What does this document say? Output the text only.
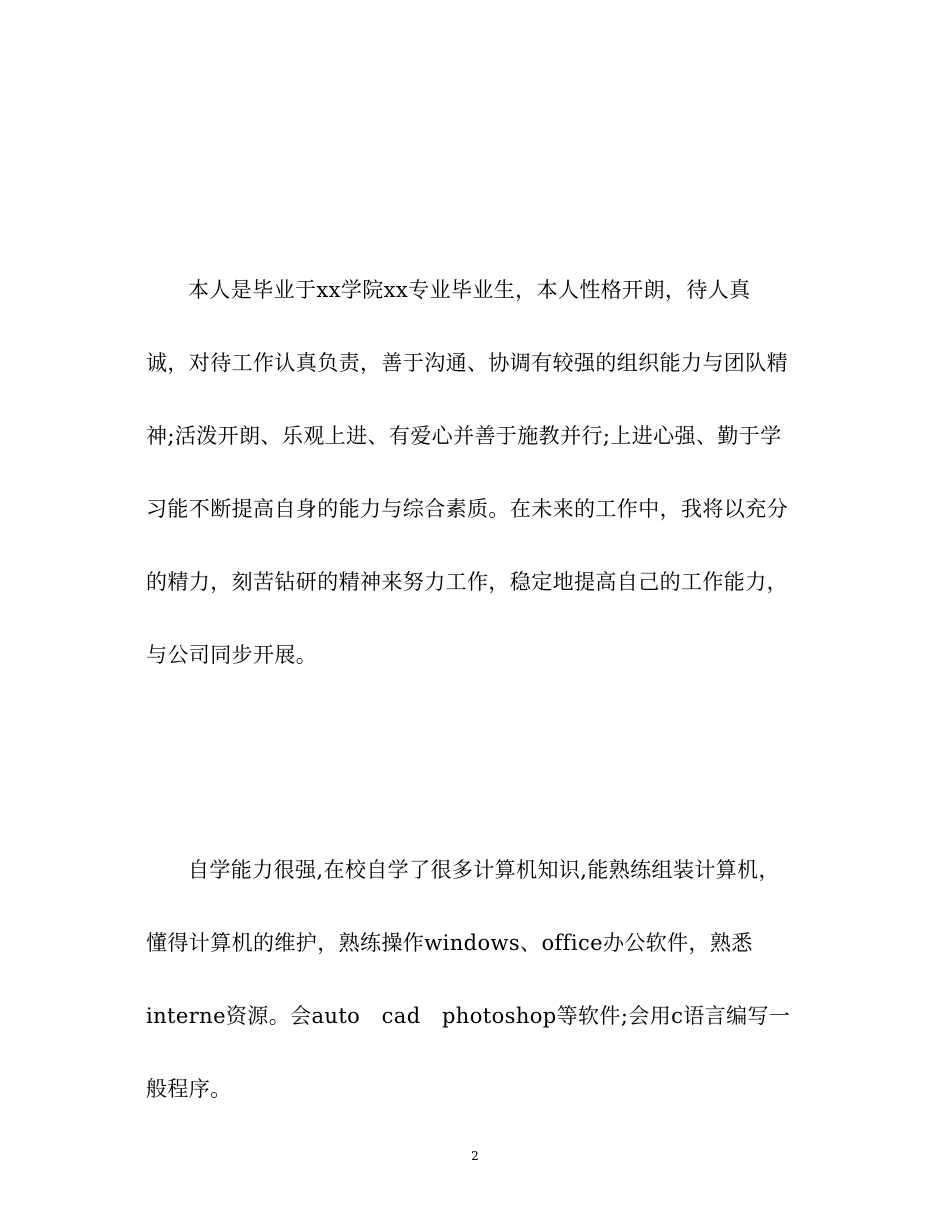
本人是毕业于xx学院xx专业毕业生，本人性格开朗，待人真
诚，对待工作认真负责，善于沟通、协调有较强的组织能力与团队精
神;活泼开朗、乐观上进、有爱心并善于施教并行;上进心强、勤于学
习能不断提高自身的能力与综合素质。在未来的工作中，我将以充分
的精力，刻苦钻研的精神来努力工作，稳定地提高自己的工作能力，
与公司同步开展。
自学能力很强,在校自学了很多计算机知识,能熟练组装计算机，
懂得计算机的维护，熟练操作windows、office办公软件，熟悉
interne资源。会auto　cad　photoshop等软件;会用c语言编写一
般程序。
2
